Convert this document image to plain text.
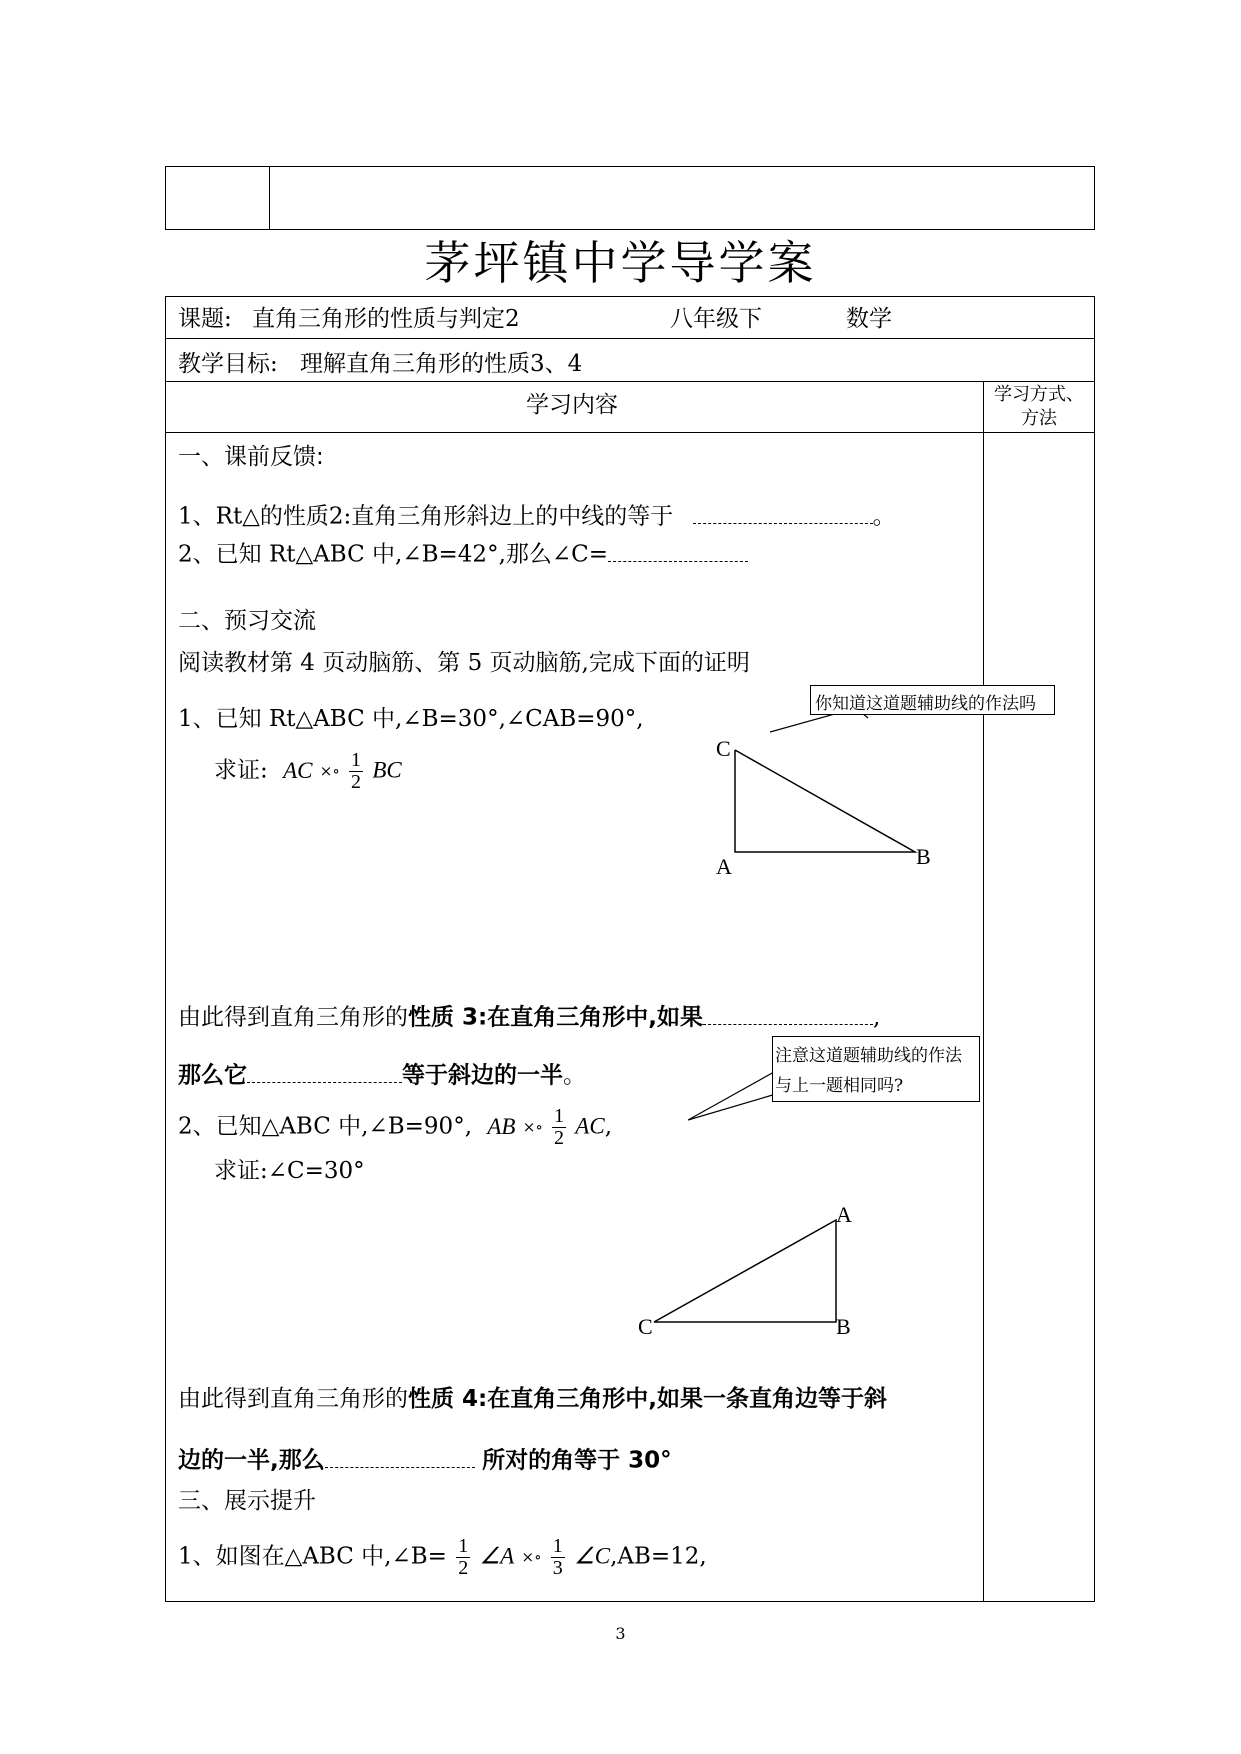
茅坪镇中学导学案
课题: 直角三角形的性质与判定2	八年级下	数学
教学目标: 理解直角三角形的性质3、4
学习内容	学习方式、
方法
一、课前反馈:
1、Rt△的性质2:直角三角形斜边上的中线的等于	。
2、已知 Rt△ABC 中,∠B=42°,那么∠C=
二、预习交流
阅读教材第 4 页动脑筋、第 5 页动脑筋,完成下面的证明
1、已知 Rt△ABC 中,∠B=30°,∠CAB=90°,
求证: AC ×∘ $\frac{1}{2}$ BC
你知道这道题辅助线的作法吗
C
A	B
由此得到直角三角形的性质 3:在直角三角形中,如果	,
那么它	等于斜边的一半。
注意这道题辅助线的作法
与上一题相同吗?
2、已知△ABC 中,∠B=90°, AB ×∘ $\frac{1}{2}$ AC,
求证:∠C=30°
A
B
C
由此得到直角三角形的性质 4:在直角三角形中,如果一条直角边等于斜
边的一半,那么	所对的角等于 30°
三、展示提升
1、如图在△ABC 中,∠B= $\frac{1}{2}$ ∠A ×∘ $\frac{1}{3}$ ∠C,AB=12,
3
